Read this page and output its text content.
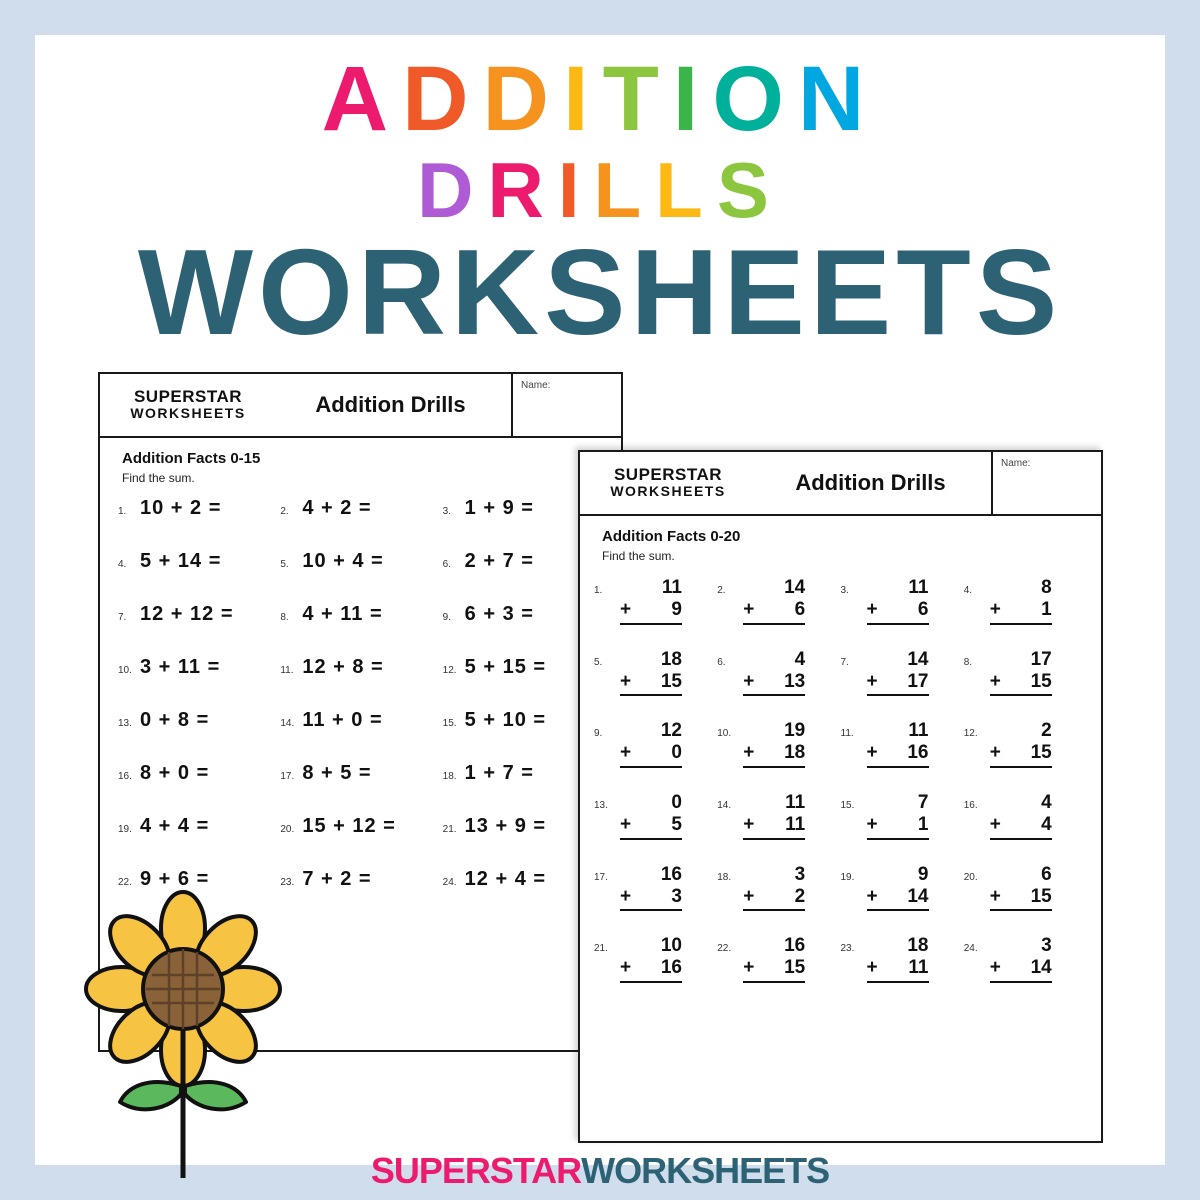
ADDITION
DRILLS
WORKSHEETS
SUPERSTAR
WORKSHEETS	Addition Drills
Name:
Addition Facts 0-15
Find the sum.
1. 10 + 2 =	2. 4 + 2 =	3. 1 + 9 =
4. 5 + 14 =	5. 10 + 4 =	6. 2 + 7 =
7. 12 + 12 =	8. 4 + 11 =	9. 6 + 3 =
10. 3 + 11 =	11. 12 + 8 =	12. 5 + 15 =
13. 0 + 8 =	14. 11 + 0 =	15. 5 + 10 =
16. 8 + 0 =	17. 8 + 5 =	18. 1 + 7 =
19. 4 + 4 =	20. 15 + 12 =	21. 13 + 9 =
22. 9 + 6 =	23. 7 + 2 =	24. 12 + 4 =
SUPERSTAR
WORKSHEETS	Addition Drills
Name:
Addition Facts 0-20
Find the sum.
1.	11
+	9
2.	14
+	6
3.	11
+	6
4.	8
+	1
5.	18
+	15
6.	4
+	13
7.	14
+	17
8.	17
+	15
9.	12
+	0
10.	19
+	18
11.	11
+	16
12.	2
+	15
13.	0
+	5
14.	11
+	11
15.	7
+	1
16.	4
+	4
17.	16
+	3
18.	3
+	2
19.	9
+	14
20.	6
+	15
21.	10
+	16
22.	16
+	15
23.	18
+	11
24.	3
+	14
SUPERSTARWORKSHEETS
